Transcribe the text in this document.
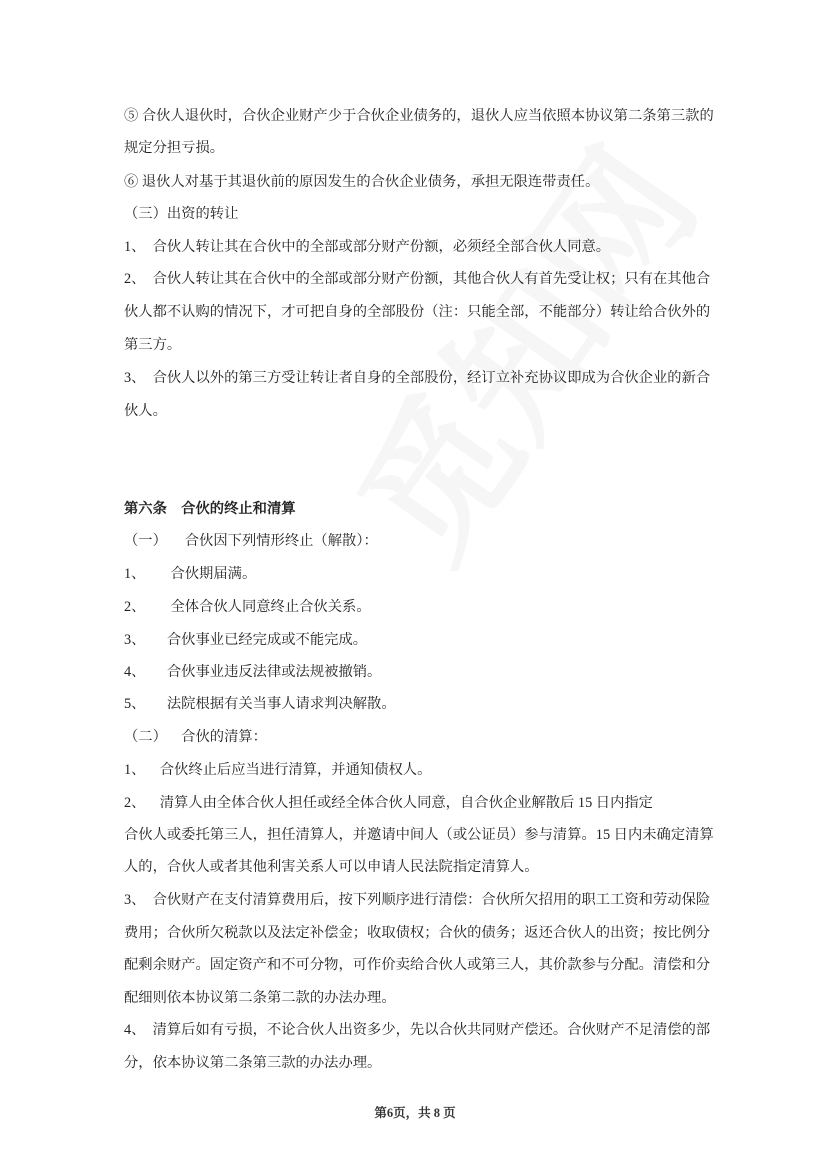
⑤ 合伙人退伙时，合伙企业财产少于合伙企业债务的，退伙人应当依照本协议第二条第三款的
规定分担亏损。
⑥ 退伙人对基于其退伙前的原因发生的合伙企业债务，承担无限连带责任。
（三）出资的转让
1、  合伙人转让其在合伙中的全部或部分财产份额，必须经全部合伙人同意。
2、  合伙人转让其在合伙中的全部或部分财产份额，其他合伙人有首先受让权；只有在其他合
伙人都不认购的情况下，才可把自身的全部股份（注：只能全部，不能部分）转让给合伙外的
第三方。
3、  合伙人以外的第三方受让转让者自身的全部股份，经订立补充协议即成为合伙企业的新合
伙人。
第六条    合伙的终止和清算
（一）     合伙因下列情形终止（解散）：
1、       合伙期届满。
2、       全体合伙人同意终止合伙关系。
3、      合伙事业已经完成或不能完成。
4、      合伙事业违反法律或法规被撤销。
5、      法院根据有关当事人请求判决解散。
（二）    合伙的清算：
1、    合伙终止后应当进行清算，并通知债权人。
2、    清算人由全体合伙人担任或经全体合伙人同意，自合伙企业解散后 15 日内指定
合伙人或委托第三人，担任清算人，并邀请中间人（或公证员）参与清算。15 日内未确定清算
人的，合伙人或者其他利害关系人可以申请人民法院指定清算人。
3、  合伙财产在支付清算费用后，按下列顺序进行清偿：合伙所欠招用的职工工资和劳动保险
费用；合伙所欠税款以及法定补偿金；收取债权；合伙的债务；返还合伙人的出资；按比例分
配剩余财产。固定资产和不可分物，可作价卖给合伙人或第三人，其价款参与分配。清偿和分
配细则依本协议第二条第二款的办法办理。
4、  清算后如有亏损，不论合伙人出资多少，先以合伙共同财产偿还。合伙财产不足清偿的部
分，依本协议第二条第三款的办法办理。
第6页，共 8 页
